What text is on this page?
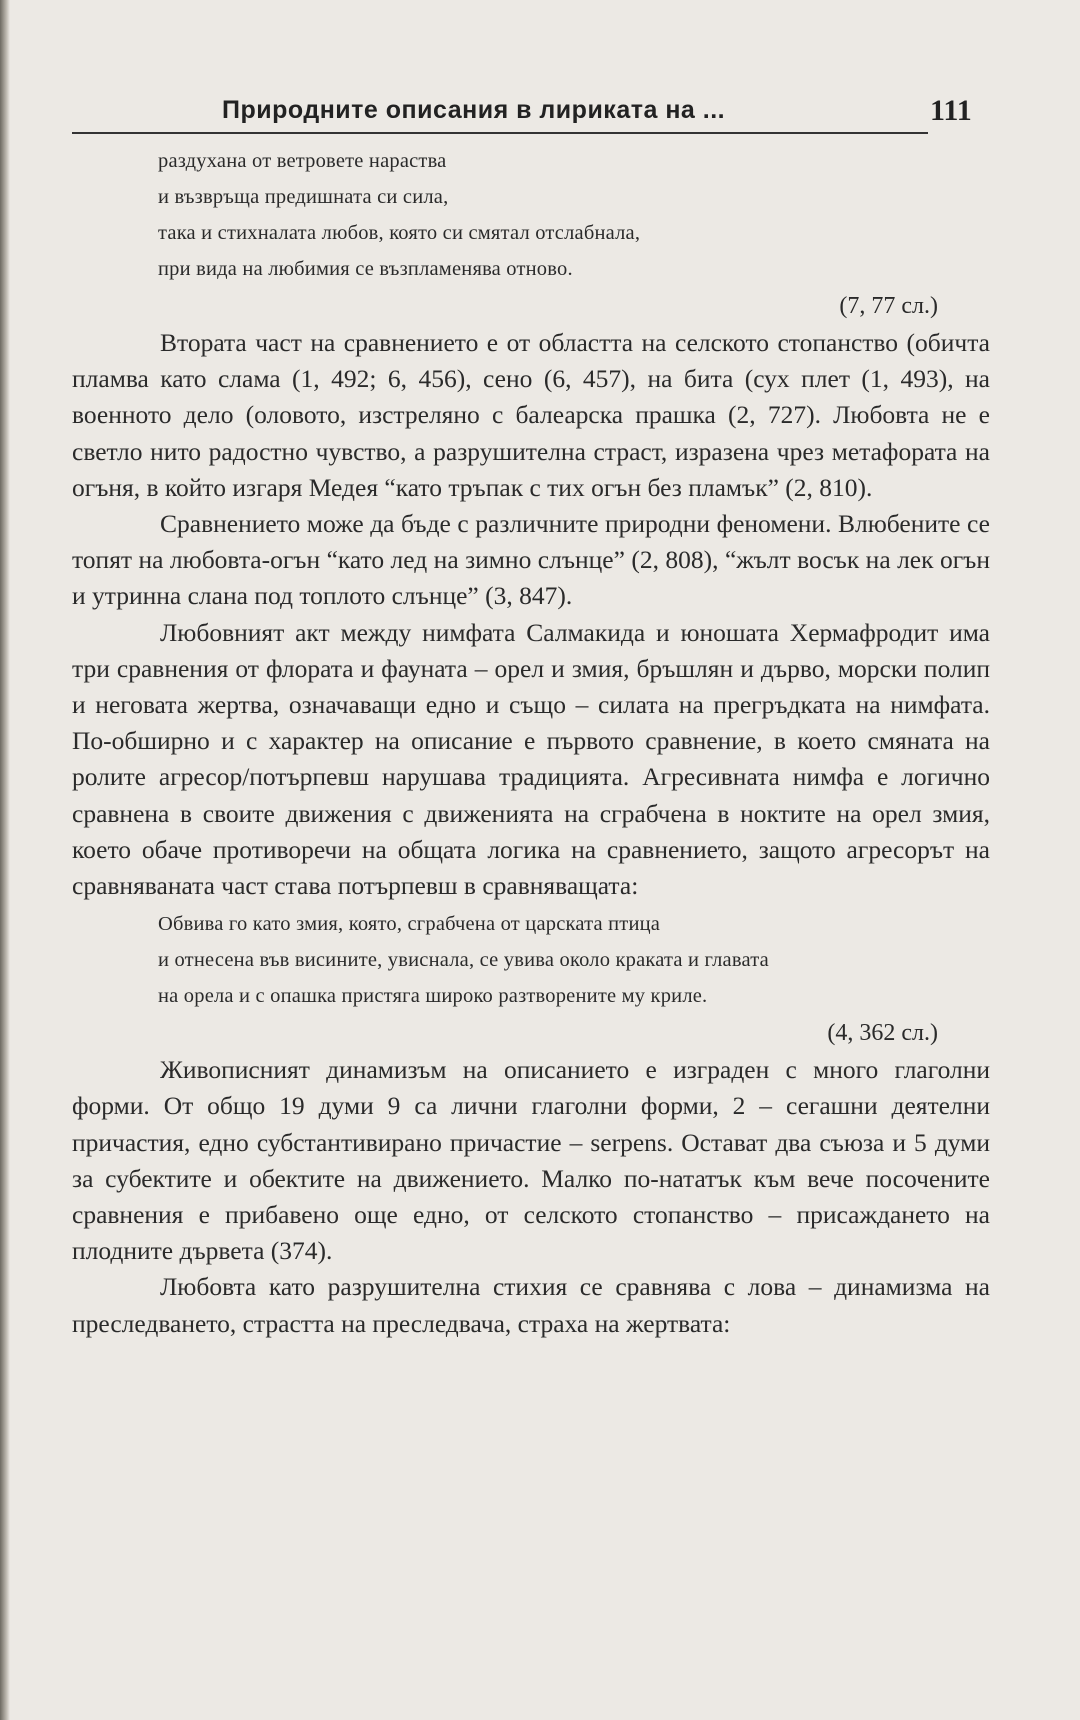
Природните описания в лириката на ...	111
раздухана от ветровете нараства
и възвръща предишната си сила,
така и стихналата любов, която си смятал отслабнала,
при вида на любимия се възпламенява отново.
(7, 77 сл.)

Втората част на сравнението е от областта на селското стопанство (обичта пламва като слама (1, 492; 6, 456), сено (6, 457), на бита (сух плет (1, 493), на военното дело (оловото, изстреляно с балеарска прашка (2, 727). Любовта не е светло нито радостно чувство, а разрушителна страст, изразена чрез метафората на огъня, в който изгаря Медея “като тръпак с тих огън без пламък” (2, 810).

Сравнението може да бъде с различните природни феномени. Влюбените се топят на любовта-огън “като лед на зимно слънце” (2, 808), “жълт восък на лек огън и утринна слана под топлото слънце” (3, 847).

Любовният акт между нимфата Салмакида и юношата Хермафродит има три сравнения от флората и фауната – орел и змия, бръшлян и дърво, морски полип и неговата жертва, означаващи едно и също – силата на прегръдката на нимфата. По-обширно и с характер на описание е първото сравнение, в което смяната на ролите агресор/потърпевш нарушава традицията. Агресивната нимфа е логично сравнена в своите движения с движенията на сграбчена в ноктите на орел змия, което обаче противоречи на общата логика на сравнението, защото агресорът на сравняваната част става потърпевш в сравняващата:

Обвива го като змия, която, сграбчена от царската птица
и отнесена във висините, увиснала, се увива около краката и главата
на орела и с опашка пристяга широко разтворените му криле.
(4, 362 сл.)

Живописният динамизъм на описанието е изграден с много глаголни форми. От общо 19 думи 9 са лични глаголни форми, 2 – сегашни деятелни причастия, едно субстантивирано причастие – serpens. Остават два съюза и 5 думи за субектите и обектите на движението. Малко по-нататък към вече посочените сравнения е прибавено още едно, от селското стопанство – присаждането на плодните дървета (374).

Любовта като разрушителна стихия се сравнява с лова – динамизма на преследването, страстта на преследвача, страха на жертвата:
